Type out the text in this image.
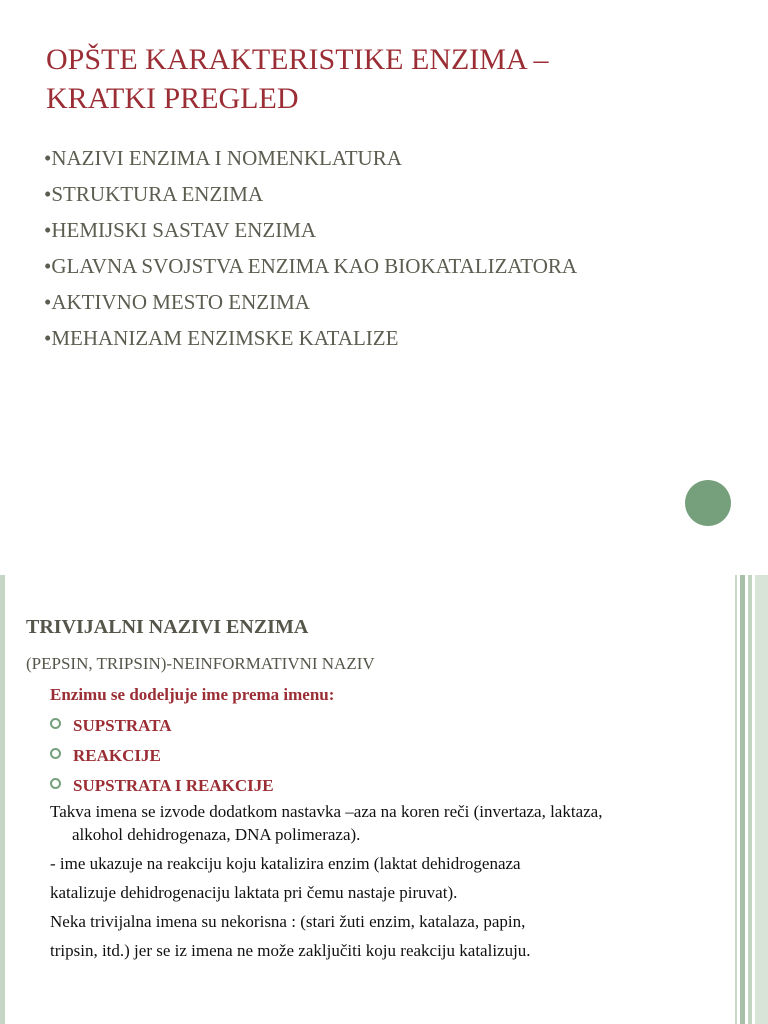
OPŠTE KARAKTERISTIKE ENZIMA –
KRATKI PREGLED
•NAZIVI ENZIMA I NOMENKLATURA
•STRUKTURA ENZIMA
•HEMIJSKI SASTAV ENZIMA
•GLAVNA SVOJSTVA ENZIMA KAO BIOKATALIZATORA
•AKTIVNO MESTO ENZIMA
•MEHANIZAM ENZIMSKE KATALIZE
TRIVIJALNI NAZIVI ENZIMA
(PEPSIN, TRIPSIN)-NEINFORMATIVNI NAZIV
Enzimu se dodeljuje ime prema imenu:
SUPSTRATA
REAKCIJE
SUPSTRATA I REAKCIJE

Takva imena se izvode dodatkom nastavka –aza na koren reči (invertaza, laktaza,

alkohol dehidrogenaza, DNA polimeraza).

- ime ukazuje na reakciju koju katalizira enzim (laktat dehidrogenaza

katalizuje dehidrogenaciju laktata pri čemu nastaje piruvat).

Neka trivijalna imena su nekorisna : (stari žuti enzim, katalaza, papin,

tripsin, itd.) jer se iz imena ne može zaključiti koju reakciju katalizuju.
